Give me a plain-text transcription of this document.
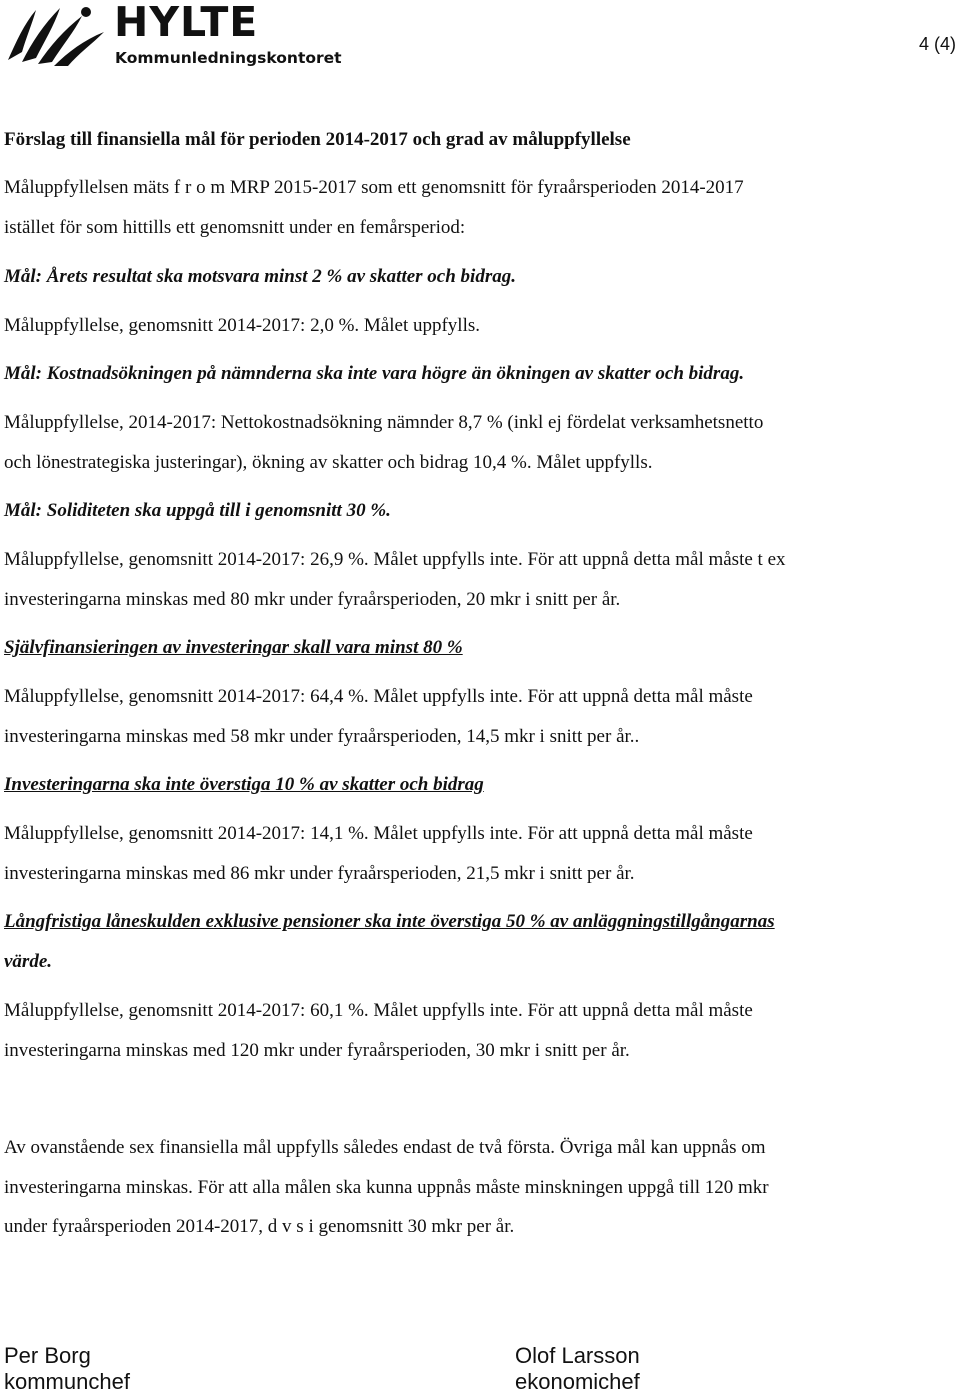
HYLTE
Kommunledningskontoret
4 (4)
Förslag till finansiella mål för perioden 2014-2017 och grad av måluppfyllelse
Måluppfyllelsen mäts f r o m MRP 2015-2017 som ett genomsnitt för fyraårsperioden 2014-2017
istället för som hittills ett genomsnitt under en femårsperiod:
Mål: Årets resultat ska motsvara minst 2 % av skatter och bidrag.
Måluppfyllelse, genomsnitt 2014-2017: 2,0 %. Målet uppfylls.
Mål: Kostnadsökningen på nämnderna ska inte vara högre än ökningen av skatter och bidrag.
Måluppfyllelse, 2014-2017: Nettokostnadsökning nämnder 8,7 % (inkl ej fördelat verksamhetsnetto
och lönestrategiska justeringar), ökning av skatter och bidrag 10,4 %. Målet uppfylls.
Mål: Soliditeten ska uppgå till i genomsnitt 30 %.
Måluppfyllelse, genomsnitt 2014-2017: 26,9 %. Målet uppfylls inte. För att uppnå detta mål måste t ex
investeringarna minskas med 80 mkr under fyraårsperioden, 20 mkr i snitt per år.
Självfinansieringen av investeringar skall vara minst 80 %
Måluppfyllelse, genomsnitt 2014-2017: 64,4 %. Målet uppfylls inte. För att uppnå detta mål måste
investeringarna minskas med 58 mkr under fyraårsperioden, 14,5 mkr i snitt per år..
Investeringarna ska inte överstiga 10 % av skatter och bidrag
Måluppfyllelse, genomsnitt 2014-2017: 14,1 %. Målet uppfylls inte. För att uppnå detta mål måste
investeringarna minskas med 86 mkr under fyraårsperioden, 21,5 mkr i snitt per år.
Långfristiga låneskulden exklusive pensioner ska inte överstiga 50 % av anläggningstillgångarnas
värde.
Måluppfyllelse, genomsnitt 2014-2017: 60,1 %. Målet uppfylls inte. För att uppnå detta mål måste
investeringarna minskas med 120 mkr under fyraårsperioden, 30 mkr i snitt per år.
Av ovanstående sex finansiella mål uppfylls således endast de två första. Övriga mål kan uppnås om
investeringarna minskas. För att alla målen ska kunna uppnås måste minskningen uppgå till 120 mkr
under fyraårsperioden 2014-2017, d v s i genomsnitt 30 mkr per år.
Per Borg
kommunchef
Olof Larsson
ekonomichef
